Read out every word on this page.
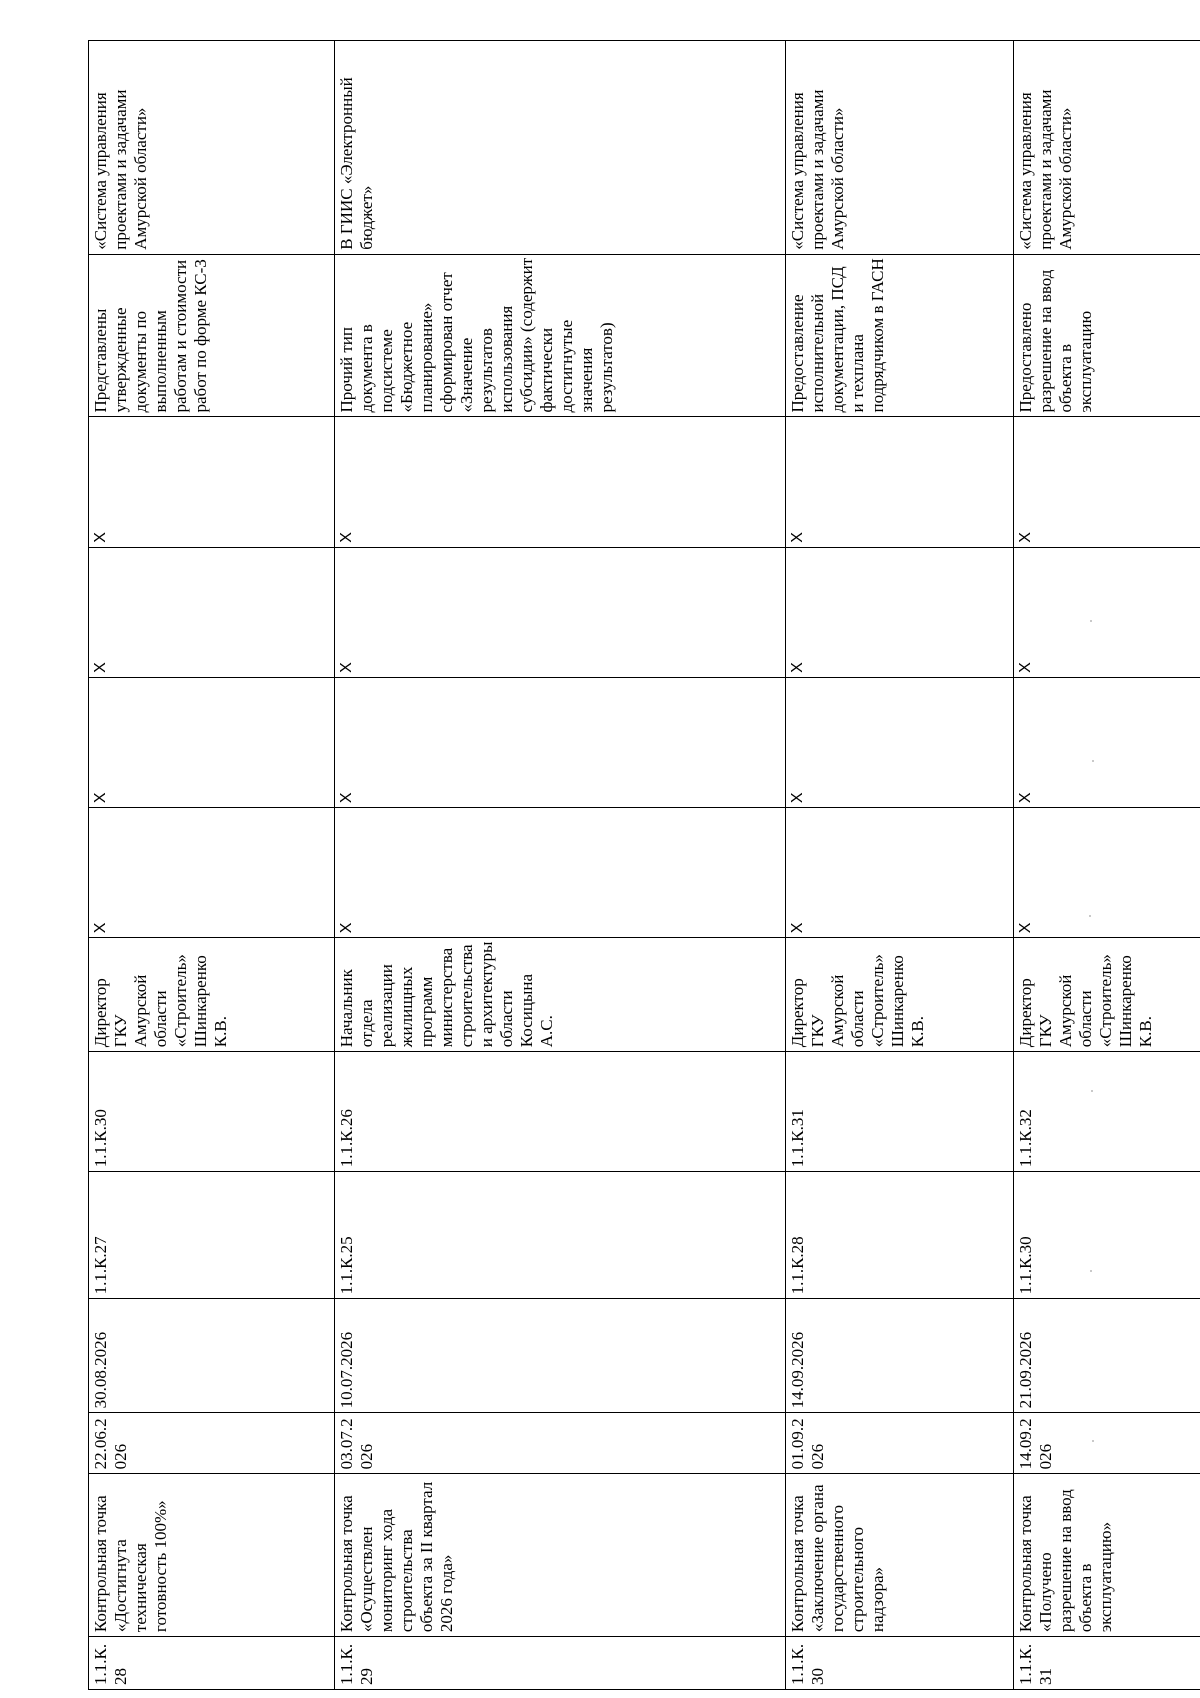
1.1.К.28	Контрольная точка «Достигнута техническая готовность 100%»	22.06.2026	30.08.2026	1.1.К.27	1.1.К.30	Директор ГКУ Амурской области «Строитель» Шинкаренко К.В.	Х	Х	Х	Х	Представлены утвержденные документы по выполненным работам и стоимости работ по форме КС-3	«Система управления проектами и задачами Амурской области»
1.1.К.29	Контрольная точка «Осуществлен мониторинг хода строительства объекта за II квартал 2026 года»	03.07.2026	10.07.2026	1.1.К.25	1.1.К.26	Начальник отдела реализации жилищных программ министерства строительства и архитектуры области Косицына А.С.	Х	Х	Х	Х	Прочий тип документа в подсистеме «Бюджетное планирование» сформирован отчет «Значение результатов использования субсидии» (содержит фактически достигнутые значения результатов)	В ГИИС «Электронный бюджет»
1.1.К.30	Контрольная точка «Заключение органа государственного строительного надзора»	01.09.2026	14.09.2026	1.1.К.28	1.1.К.31	Директор ГКУ Амурской области «Строитель» Шинкаренко К.В.	Х	Х	Х	Х	Предоставление исполнительной документации, ПСД и техплана подрядчиком в ГАСН	«Система управления проектами и задачами Амурской области»
1.1.К.31	Контрольная точка «Получено разрешение на ввод объекта в эксплуатацию»	14.09.2026	21.09.2026	1.1.К.30	1.1.К.32	Директор ГКУ Амурской области «Строитель» Шинкаренко К.В.	Х	Х	Х	Х	Предоставлено разрешение на ввод объекта в эксплуатацию	«Система управления проектами и задачами Амурской области»
